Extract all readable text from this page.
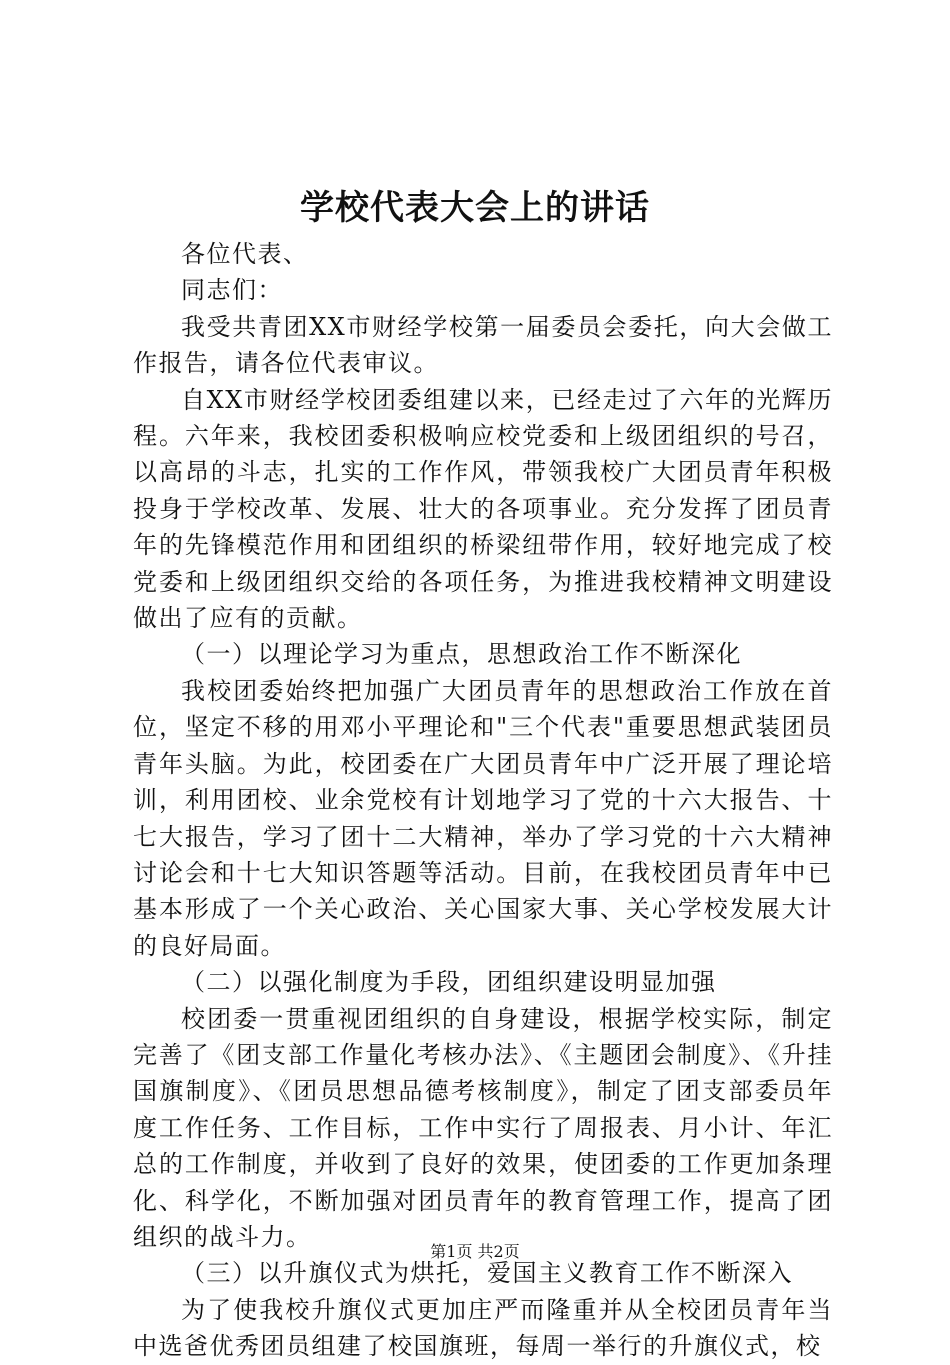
学校代表大会上的讲话

各位代表、

同志们：

我受共青团XX市财经学校第一届委员会委托，向大会做工作报告，请各位代表审议。

自XX市财经学校团委组建以来，已经走过了六年的光辉历程。六年来，我校团委积极响应校党委和上级团组织的号召，以高昂的斗志，扎实的工作作风，带领我校广大团员青年积极投身于学校改革、发展、壮大的各项事业。充分发挥了团员青年的先锋模范作用和团组织的桥梁纽带作用，较好地完成了校党委和上级团组织交给的各项任务，为推进我校精神文明建设做出了应有的贡献。

（一）以理论学习为重点，思想政治工作不断深化

我校团委始终把加强广大团员青年的思想政治工作放在首位，坚定不移的用邓小平理论和"三个代表"重要思想武装团员青年头脑。为此，校团委在广大团员青年中广泛开展了理论培训，利用团校、业余党校有计划地学习了党的十六大报告、十七大报告，学习了团十二大精神，举办了学习党的十六大精神讨论会和十七大知识答题等活动。目前，在我校团员青年中已基本形成了一个关心政治、关心国家大事、关心学校发展大计的良好局面。

（二）以强化制度为手段，团组织建设明显加强

校团委一贯重视团组织的自身建设，根据学校实际，制定完善了《团支部工作量化考核办法》、《主题团会制度》、《升挂国旗制度》、《团员思想品德考核制度》，制定了团支部委员年度工作任务、工作目标，工作中实行了周报表、月小计、年汇总的工作制度，并收到了良好的效果，使团委的工作更加条理化、科学化，不断加强对团员青年的教育管理工作，提高了团组织的战斗力。

（三）以升旗仪式为烘托，爱国主义教育工作不断深入

为了使我校升旗仪式更加庄严而隆重并从全校团员青年当中选爸优秀团员组建了校国旗班，每周一举行的升旗仪式，校

第1页 共2页
